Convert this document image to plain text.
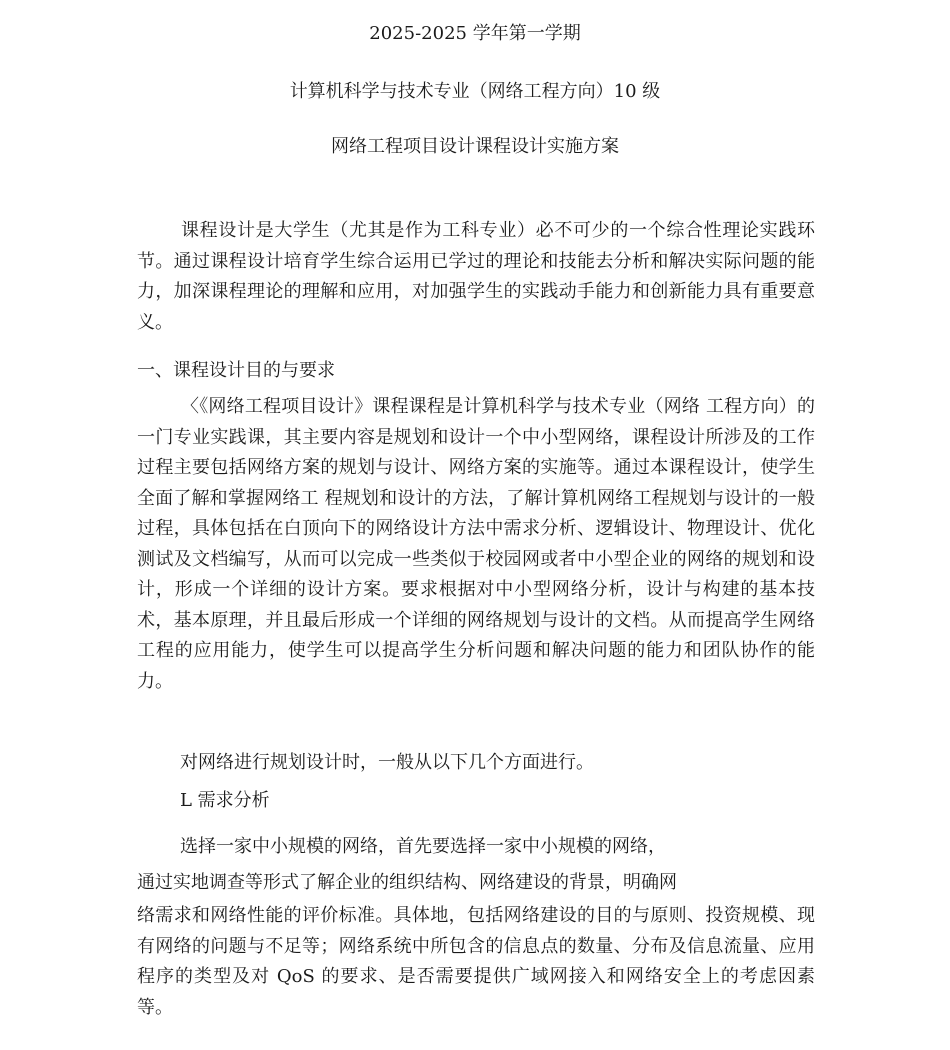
2025-2025 学年第一学期
计算机科学与技术专业（网络工程方向）10 级
网络工程项目设计课程设计实施方案
课程设计是大学生（尤其是作为工科专业）必不可少的一个综合性理论实践环节。通过课程设计培育学生综合运用已学过的理论和技能去分析和解决实际问题的能力，加深课程理论的理解和应用，对加强学生的实践动手能力和创新能力具有重要意义。
一、课程设计目的与要求
〈《网络工程项目设计》课程课程是计算机科学与技术专业（网络 工程方向）的一门专业实践课，其主要内容是规划和设计一个中小型网络，课程设计所涉及的工作过程主要包括网络方案的规划与设计、网络方案的实施等。通过本课程设计，使学生全面了解和掌握网络工 程规划和设计的方法，了解计算机网络工程规划与设计的一般过程，具体包括在白顶向下的网络设计方法中需求分析、逻辑设计、物理设计、优化测试及文档编写，从而可以完成一些类似于校园网或者中小型企业的网络的规划和设计，形成一个详细的设计方案。要求根据对中小型网络分析，设计与构建的基本技术，基本原理，并且最后形成一个详细的网络规划与设计的文档。从而提高学生网络工程的应用能力，使学生可以提高学生分析问题和解决问题的能力和团队协作的能力。
对网络进行规划设计时，一般从以下几个方面进行。
L 需求分析
选择一家中小规模的网络，首先要选择一家中小规模的网络，
通过实地调查等形式了解企业的组织结构、网络建设的背景，明确网
络需求和网络性能的评价标准。具体地，包括网络建设的目的与原则、投资规模、现有网络的问题与不足等；网络系统中所包含的信息点的数量、分布及信息流量、应用程序的类型及对 QoS 的要求、是否需要提供广域网接入和网络安全上的考虑因素等。
